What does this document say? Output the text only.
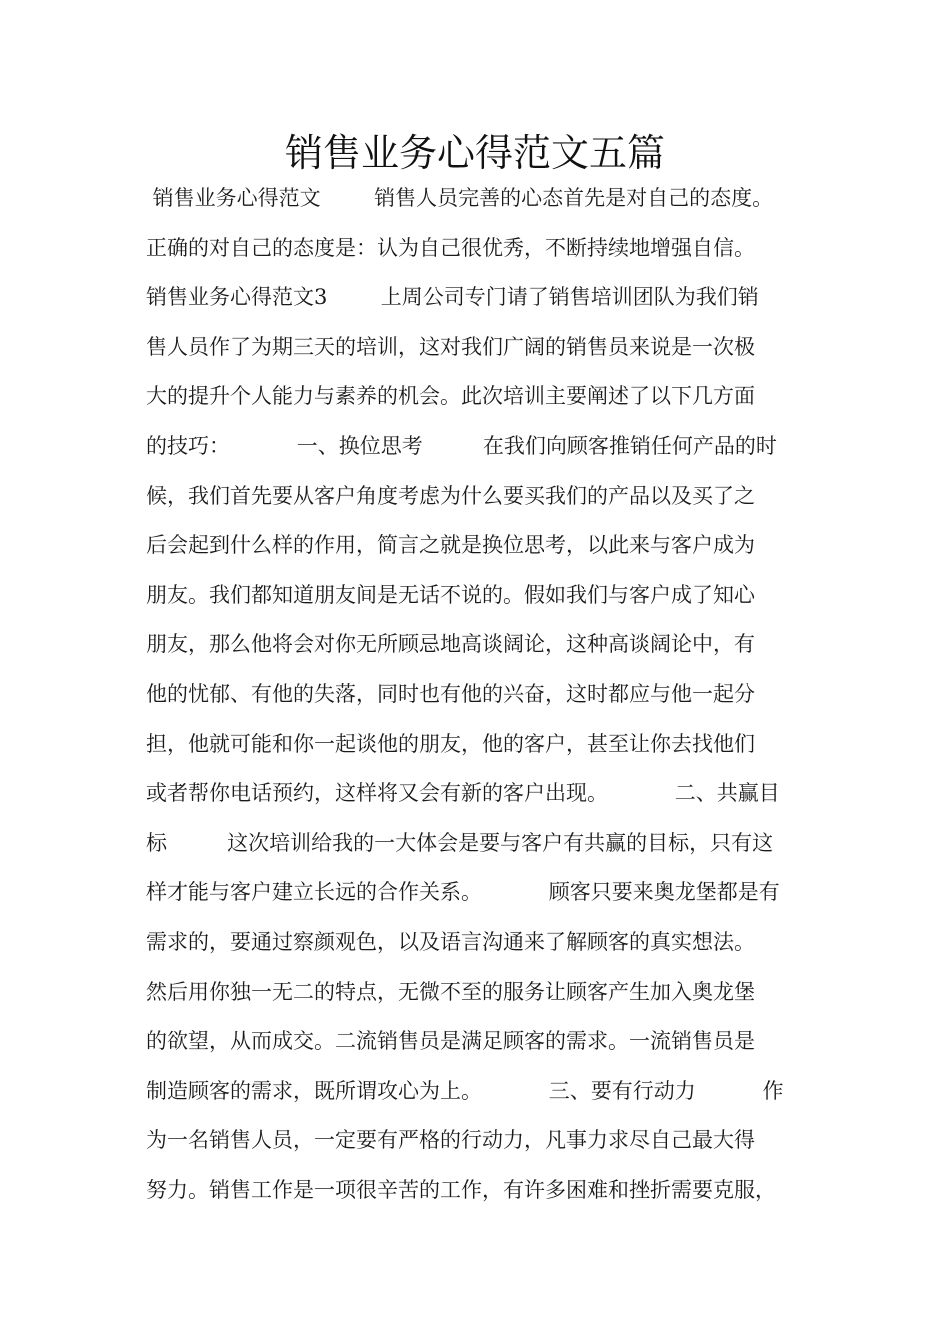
销售业务心得范文五篇
销售业务心得范文        销售人员完善的心态首先是对自己的态度。
正确的对自己的态度是：认为自己很优秀，不断持续地增强自信。
销售业务心得范文3        上周公司专门请了销售培训团队为我们销
售人员作了为期三天的培训，这对我们广阔的销售员来说是一次极
大的提升个人能力与素养的机会。此次培训主要阐述了以下几方面
的技巧：          一、换位思考         在我们向顾客推销任何产品的时
候，我们首先要从客户角度考虑为什么要买我们的产品以及买了之
后会起到什么样的作用，简言之就是换位思考，以此来与客户成为
朋友。我们都知道朋友间是无话不说的。假如我们与客户成了知心
朋友，那么他将会对你无所顾忌地高谈阔论，这种高谈阔论中，有
他的忧郁、有他的失落，同时也有他的兴奋，这时都应与他一起分
担，他就可能和你一起谈他的朋友，他的客户，甚至让你去找他们
或者帮你电话预约，这样将又会有新的客户出现。          二、共赢目
标         这次培训给我的一大体会是要与客户有共赢的目标，只有这
样才能与客户建立长远的合作关系。          顾客只要来奥龙堡都是有
需求的，要通过察颜观色，以及语言沟通来了解顾客的真实想法。
然后用你独一无二的特点，无微不至的服务让顾客产生加入奥龙堡
的欲望，从而成交。二流销售员是满足顾客的需求。一流销售员是
制造顾客的需求，既所谓攻心为上。          三、要有行动力          作
为一名销售人员，一定要有严格的行动力，凡事力求尽自己最大得
努力。销售工作是一项很辛苦的工作，有许多困难和挫折需要克服，
